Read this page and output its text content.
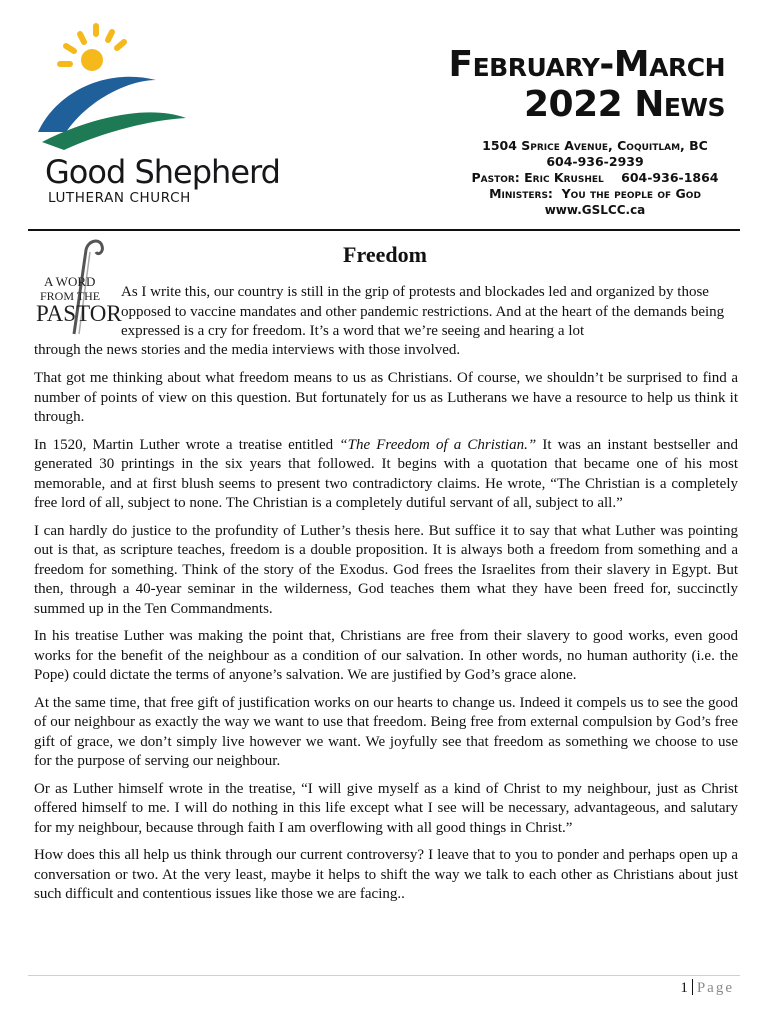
Good Shepherd
LUTHERAN CHURCH
February-March
2022 News
1504 Sprice Avenue, Coquitlam, BC
604-936-2939
Pastor: Eric Krushel    604-936-1864
Ministers:  You the people of God
www.GSLCC.ca
A WORD
FROM THE
PASTOR
Freedom
As I write this, our country is still in the grip of protests and blockades led and organized by those opposed to vaccine mandates and other pandemic restrictions. And at the heart of the demands being expressed is a cry for freedom. It’s a word that we’re seeing and hearing a lot
through the news stories and the media interviews with those involved.

That got me thinking about what freedom means to us as Christians. Of course, we shouldn’t be surprised to find a number of points of view on this question. But fortunately for us as Lutherans we have a resource to help us think it through.

In 1520, Martin Luther wrote a treatise entitled “The Freedom of a Christian.” It was an instant bestseller and generated 30 printings in the six years that followed. It begins with a quotation that became one of his most memorable, and at first blush seems to present two contradictory claims. He wrote, “The Christian is a completely free lord of all, subject to none. The Christian is a completely dutiful servant of all, subject to all.”

I can hardly do justice to the profundity of Luther’s thesis here. But suffice it to say that what Luther was pointing out is that, as scripture teaches, freedom is a double proposition. It is always both a freedom from something and a freedom for something. Think of the story of the Exodus. God frees the Israelites from their slavery in Egypt. But then, through a 40-year seminar in the wilderness, God teaches them what they have been freed for, succinctly summed up in the Ten Commandments.

In his treatise Luther was making the point that, Christians are free from their slavery to good works, even good works for the benefit of the neighbour as a condition of our salvation. In other words, no human authority (i.e. the Pope) could dictate the terms of anyone’s salvation. We are justified by God’s grace alone.

At the same time, that free gift of justification works on our hearts to change us. Indeed it compels us to see the good of our neighbour as exactly the way we want to use that freedom. Being free from external compulsion by God’s free gift of grace, we don’t simply live however we want. We joyfully see that freedom as something we choose to use for the purpose of serving our neighbour.

Or as Luther himself wrote in the treatise, “I will give myself as a kind of Christ to my neighbour, just as Christ offered himself to me. I will do nothing in this life except what I see will be necessary, advantageous, and salutary for my neighbour, because through faith I am overflowing with all good things in Christ.”

How does this all help us think through our current controversy? I leave that to you to ponder and perhaps open up a conversation or two. At the very least, maybe it helps to shift the way we talk to each other as Christians about just such difficult and contentious issues like those we are facing..

1 Page
